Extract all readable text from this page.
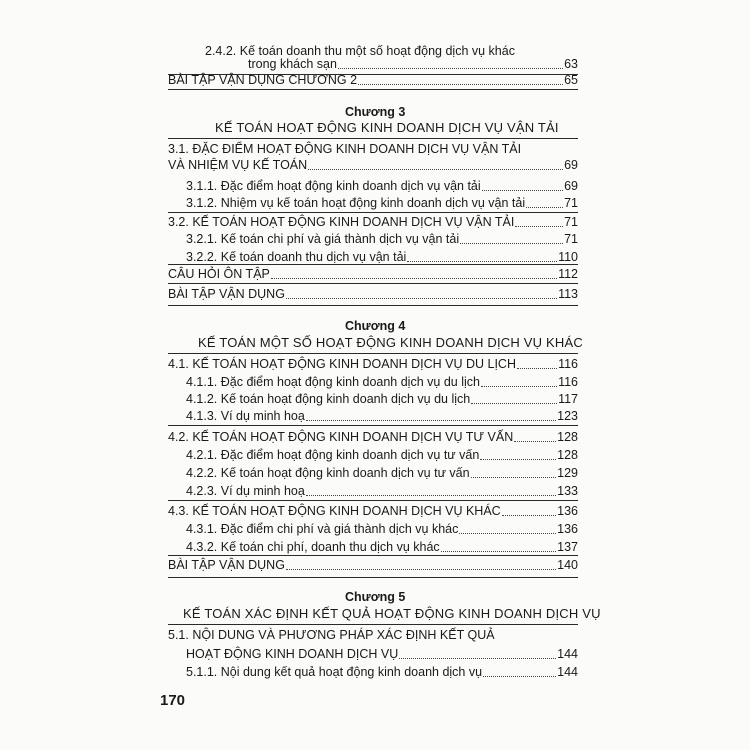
2.4.2. Kế toán doanh thu một số hoạt động dịch vụ khác
trong khách sạn	63
BÀI TẬP VẬN DỤNG CHƯƠNG 2	65
Chương 3
KẾ TOÁN HOẠT ĐỘNG KINH DOANH DỊCH VỤ VẬN TẢI
3.1. ĐẶC ĐIỂM HOẠT ĐỘNG KINH DOANH DỊCH VỤ VẬN TẢI
VÀ NHIỆM VỤ KẾ TOÁN	69
3.1.1. Đặc điểm hoạt động kinh doanh dịch vụ vận tải	69
3.1.2. Nhiệm vụ kế toán hoạt động kinh doanh dịch vụ vận tải	71
3.2. KẾ TOÁN HOẠT ĐỘNG KINH DOANH DỊCH VỤ VẬN TẢI	71
3.2.1. Kế toán chi phí và giá thành dịch vụ vận tải	71
3.2.2. Kế toán doanh thu dịch vụ vận tải	110
CÂU HỎI ÔN TẬP	112
BÀI TẬP VẬN DỤNG	113
Chương 4
KẾ TOÁN MỘT SỐ HOẠT ĐỘNG KINH DOANH DỊCH VỤ KHÁC
4.1. KẾ TOÁN HOẠT ĐỘNG KINH DOANH DỊCH VỤ DU LỊCH	116
4.1.1. Đặc điểm hoạt động kinh doanh dịch vụ du lịch	116
4.1.2. Kế toán hoạt động kinh doanh dịch vụ du lịch	117
4.1.3. Ví dụ minh hoạ	123
4.2. KẾ TOÁN HOẠT ĐỘNG KINH DOANH DỊCH VỤ TƯ VẤN	128
4.2.1. Đặc điểm hoạt động kinh doanh dịch vụ tư vấn	128
4.2.2. Kế toán hoạt động kinh doanh dịch vụ tư vấn	129
4.2.3. Ví dụ minh hoạ	133
4.3. KẾ TOÁN HOẠT ĐỘNG KINH DOANH DỊCH VỤ KHÁC	136
4.3.1. Đặc điểm chi phí và giá thành dịch vụ khác	136
4.3.2. Kế toán chi phí, doanh thu dịch vụ khác	137
BÀI TẬP VẬN DỤNG	140
Chương 5
KẾ TOÁN XÁC ĐỊNH KẾT QUẢ HOẠT ĐỘNG KINH DOANH DỊCH VỤ
5.1. NỘI DUNG VÀ PHƯƠNG PHÁP XÁC ĐỊNH KẾT QUẢ
HOẠT ĐỘNG KINH DOANH DỊCH VỤ	144
5.1.1. Nội dung kết quả hoạt động kinh doanh dịch vụ	144
170
